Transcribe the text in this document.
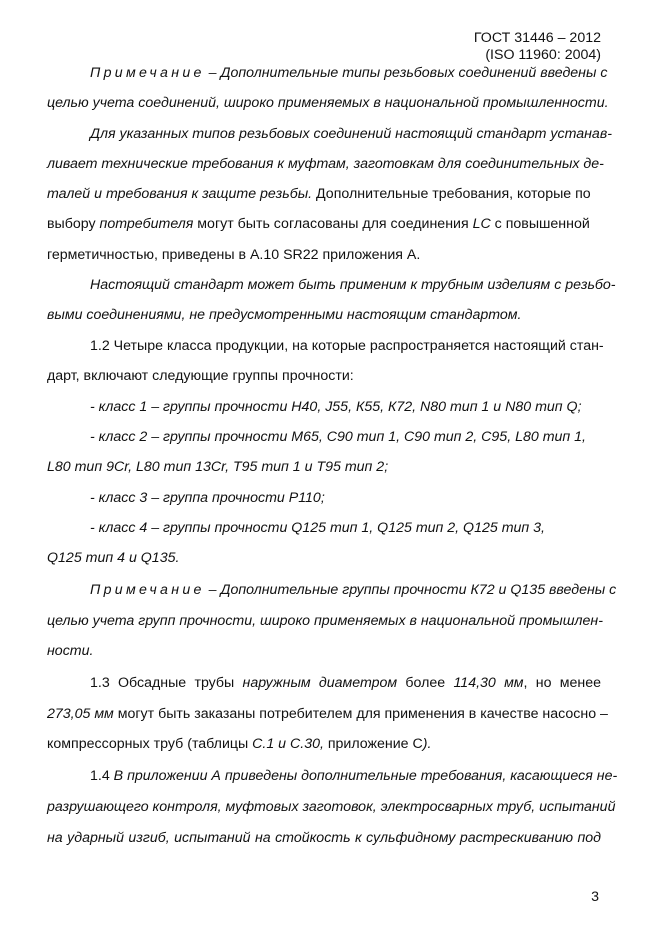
ГОСТ 31446 – 2012
(ISO 11960: 2004)
Примечание – Дополнительные типы резьбовых соединений введены с
целью учета соединений, широко применяемых в национальной промышленности.
Для указанных типов резьбовых соединений настоящий стандарт устанав-
ливает технические требования к муфтам, заготовкам для соединительных де-
талей и требования к защите резьбы. Дополнительные требования, которые по
выбору потребителя могут быть согласованы для соединения LC с повышенной
герметичностью, приведены в А.10 SR22 приложения А.
Настоящий стандарт может быть применим к трубным изделиям с резьбо-
выми соединениями, не предусмотренными настоящим стандартом.
1.2 Четыре класса продукции, на которые распространяется настоящий стан-
дарт, включают следующие группы прочности:
- класс 1 – группы прочности Н40, J55, К55, К72, N80 тип 1 и N80 тип Q;
- класс 2 – группы прочности М65, С90 тип 1, С90 тип 2, С95, L80 тип 1,
L80 тип 9Cr, L80 тип 13Cr, Т95 тип 1 и Т95 тип 2;
- класс 3 – группа прочности Р110;
- класс 4 – группы прочности Q125 тип 1, Q125 тип 2, Q125 тип 3,
Q125 тип 4 и Q135.
Примечание – Дополнительные группы прочности К72 и Q135 введены с
целью учета групп прочности, широко применяемых в национальной промышлен-
ности.
1.3 Обсадные трубы наружным диаметром более 114,30 мм, но менее
273,05 мм могут быть заказаны потребителем для применения в качестве насосно –
компрессорных труб (таблицы С.1 и С.30, приложение С).
1.4 В приложении А приведены дополнительные требования, касающиеся не-
разрушающего контроля, муфтовых заготовок, электросварных труб, испытаний
на ударный изгиб, испытаний на стойкость к сульфидному растрескиванию под
3
